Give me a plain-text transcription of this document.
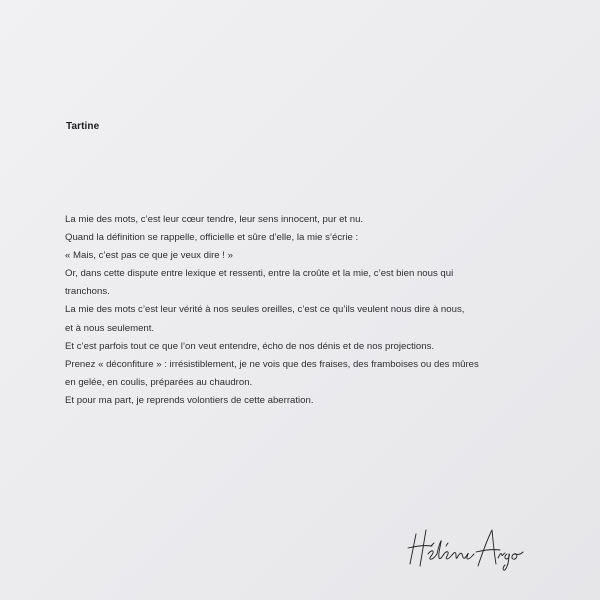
Tartine

La mie des mots, c’est leur cœur tendre, leur sens innocent, pur et nu.

Quand la définition se rappelle, officielle et sûre d’elle, la mie s’écrie :

« Mais, c’est pas ce que je veux dire ! »

Or, dans cette dispute entre lexique et ressenti, entre la croûte et la mie, c’est bien nous qui

tranchons.

La mie des mots c’est leur vérité à nos seules oreilles, c’est ce qu’ils veulent nous dire à nous,

et à nous seulement.

Et c’est parfois tout ce que l’on veut entendre, écho de nos dénis et de nos projections.

Prenez « déconfiture » : irrésistiblement, je ne vois que des fraises, des framboises ou des mûres

en gelée, en coulis, préparées au chaudron.

Et pour ma part, je reprends volontiers de cette aberration.
